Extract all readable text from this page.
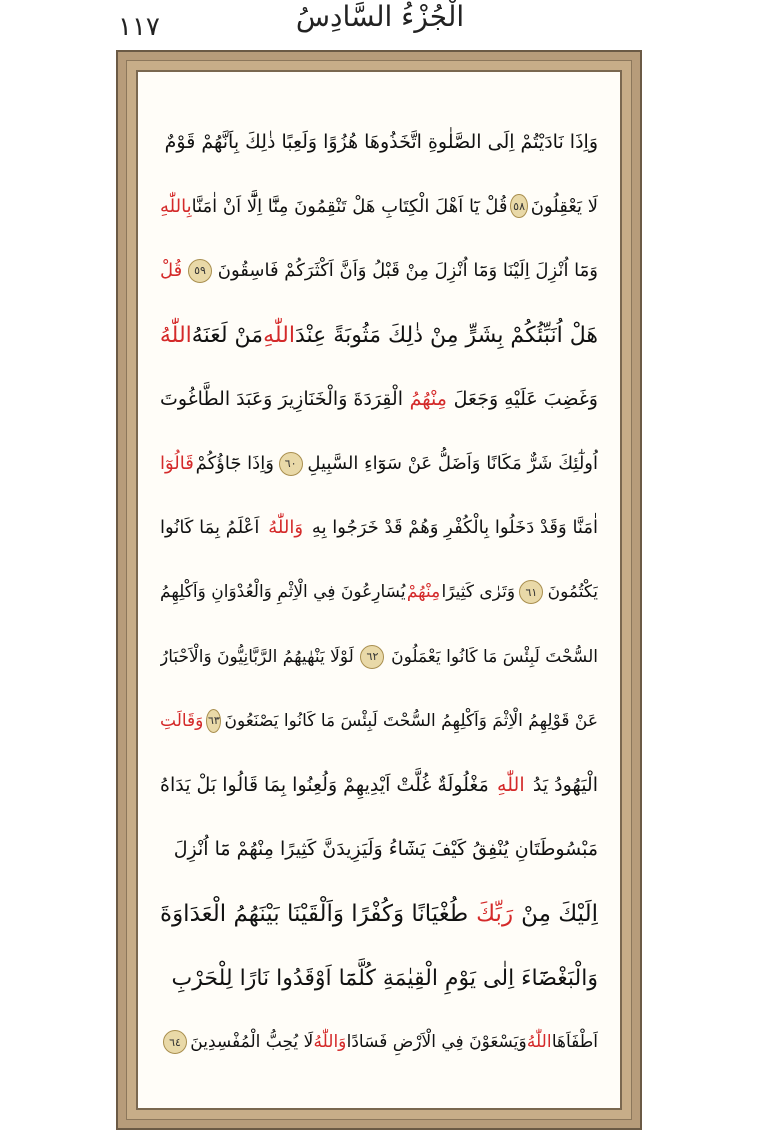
١١٧	الْجُزْءُ السَّادِسُ
وَاِذَا نَادَيْتُمْ اِلَى الصَّلٰوةِ اتَّخَذُوهَا هُزُوًا وَلَعِبًا ذٰلِكَ بِاَنَّهُمْ قَوْمٌ
لَا يَعْقِلُونَ
٥٨
قُلْ يَٓا اَهْلَ الْكِتَابِ هَلْ تَنْقِمُونَ مِنَّٓا اِلَّٓا اَنْ اٰمَنَّا
بِاللّٰهِ
وَمَٓا اُنْزِلَ اِلَيْنَا وَمَٓا اُنْزِلَ مِنْ قَبْلُ وَاَنَّ اَكْثَرَكُمْ فَاسِقُونَ
٥٩
قُلْ
هَلْ اُنَبِّئُكُمْ بِشَرٍّ مِنْ ذٰلِكَ مَثُوبَةً عِنْدَ
اللّٰهِ
مَنْ لَعَنَهُ
اللّٰهُ
وَغَضِبَ عَلَيْهِ وَجَعَلَ
مِنْهُمُ
الْقِرَدَةَ وَالْخَنَازِيرَ وَعَبَدَ الطَّاغُوتَ
اُولٰٓئِكَ شَرٌّ مَكَانًا وَاَضَلُّ عَنْ سَوَٓاءِ السَّبِيلِ
٦٠
وَاِذَا جَٓاؤُكُمْ
قَالُوٓا
اٰمَنَّا وَقَدْ دَخَلُوا بِالْكُفْرِ وَهُمْ قَدْ خَرَجُوا بِهِ
وَاللّٰهُ
اَعْلَمُ بِمَا كَانُوا
يَكْتُمُونَ
٦١
وَتَرٰى كَثِيرًا
مِنْهُمْ
يُسَارِعُونَ فِي الْاِثْمِ وَالْعُدْوَانِ وَاَكْلِهِمُ
السُّحْتَ لَبِئْسَ مَا كَانُوا يَعْمَلُونَ
٦٢
لَوْلَا يَنْهٰيهُمُ الرَّبَّانِيُّونَ وَالْاَحْبَارُ
عَنْ قَوْلِهِمُ الْاِثْمَ وَاَكْلِهِمُ السُّحْتَ لَبِئْسَ مَا كَانُوا يَصْنَعُونَ
٦٣
وَقَالَتِ
الْيَهُودُ يَدُ
اللّٰهِ
مَغْلُولَةٌ غُلَّتْ اَيْدِيهِمْ وَلُعِنُوا بِمَا قَالُوا بَلْ يَدَاهُ
مَبْسُوطَتَانِ يُنْفِقُ كَيْفَ يَشَٓاءُ وَلَيَزِيدَنَّ كَثِيرًا مِنْهُمْ مَٓا اُنْزِلَ
اِلَيْكَ مِنْ
رَبِّكَ
طُغْيَانًا وَكُفْرًا وَاَلْقَيْنَا بَيْنَهُمُ الْعَدَاوَةَ
وَالْبَغْضَٓاءَ اِلٰى يَوْمِ الْقِيٰمَةِ كُلَّمَٓا اَوْقَدُوا نَارًا لِلْحَرْبِ
اَطْفَاَهَا
اللّٰهُ
وَيَسْعَوْنَ فِي الْاَرْضِ فَسَادًا
وَاللّٰهُ
لَا يُحِبُّ الْمُفْسِدِينَ
٦٤
